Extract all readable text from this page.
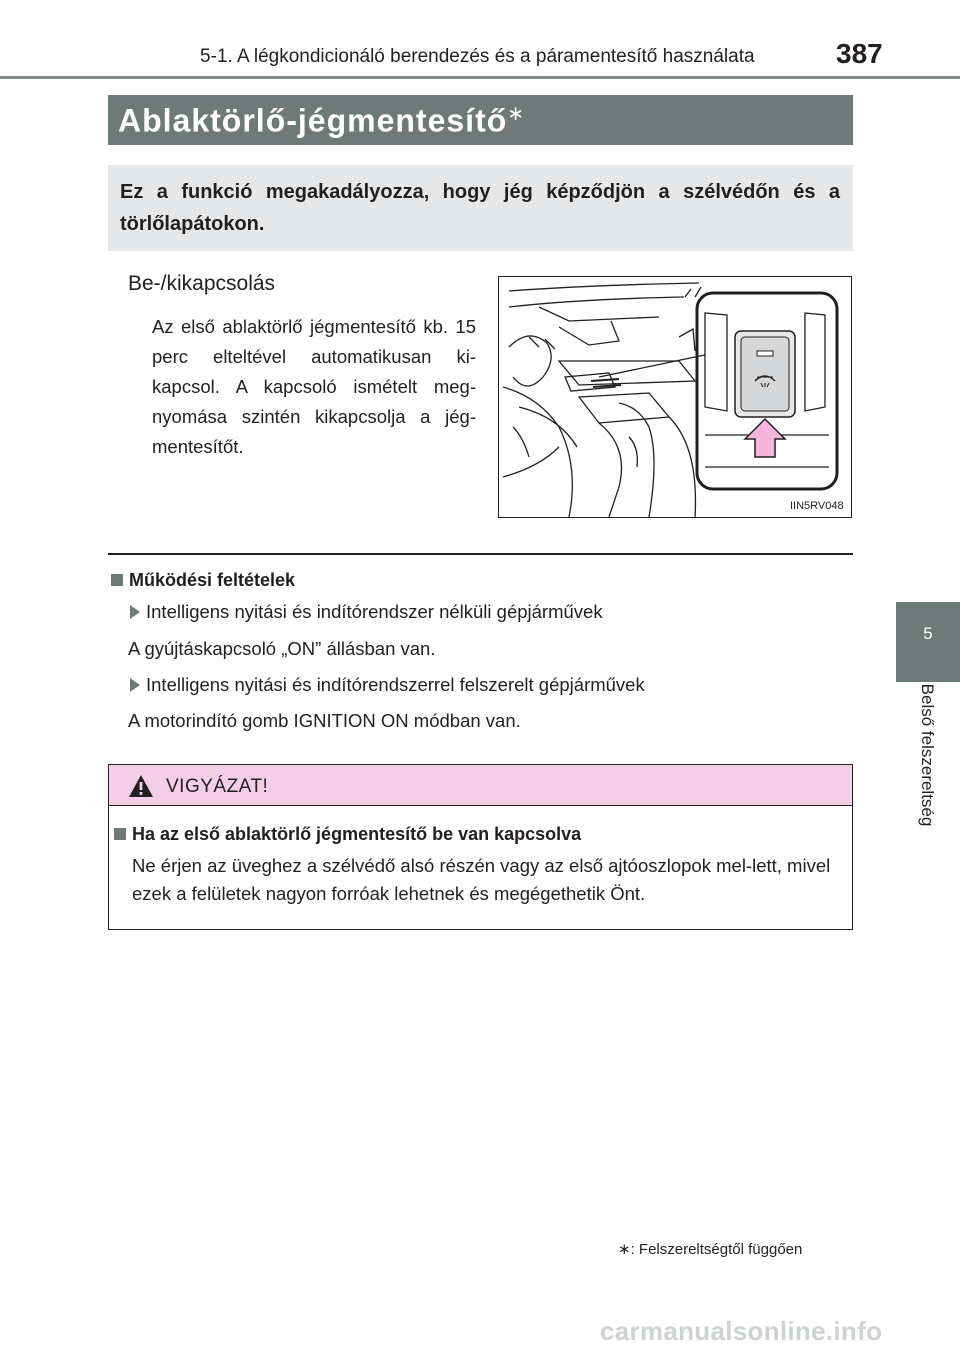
5-1. A légkondicionáló berendezés és a páramentesítő használata	387
5
Belső felszereltség
Ablaktörlő-jégmentesítő∗
Ez a funkció megakadályozza, hogy jég képződjön a szélvédőn és a törlőlapátokon.
Be-/kikapcsolás
Az első ablaktörlő jégmentesítő kb. 15 perc elteltével automatikusan ki-kapcsol. A kapcsoló ismételt meg-nyomása szintén kikapcsolja a jég-mentesítőt.
IIN5RV048
Működési feltételek
Intelligens nyitási és indítórendszer nélküli gépjárművek
A gyújtáskapcsoló „ON” állásban van.
Intelligens nyitási és indítórendszerrel felszerelt gépjárművek
A motorindító gomb IGNITION ON módban van.
VIGYÁZAT!
Ha az első ablaktörlő jégmentesítő be van kapcsolva
Ne érjen az üveghez a szélvédő alsó részén vagy az első ajtóoszlopok mel-lett, mivel ezek a felületek nagyon forróak lehetnek és megégethetik Önt.
∗: Felszereltségtől függően
carmanualsonline.info
